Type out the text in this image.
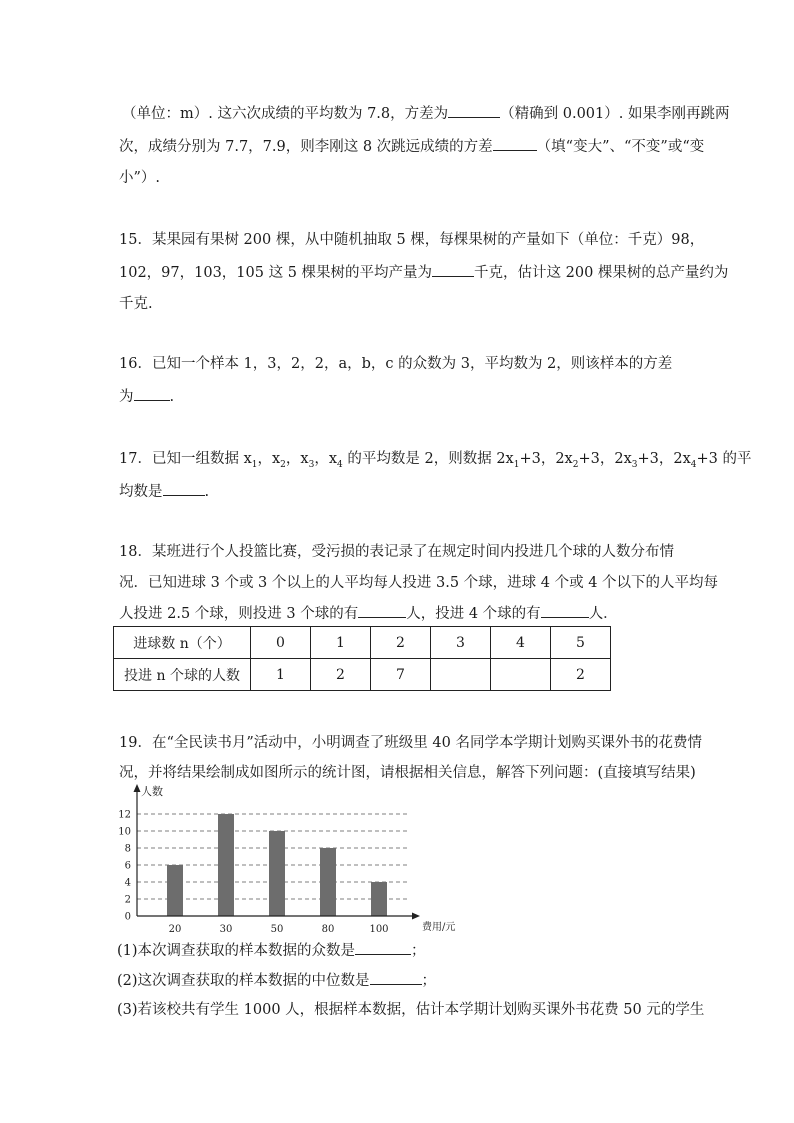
（单位：m）. 这六次成绩的平均数为 7.8，方差为	（精确到 0.001）. 如果李刚再跳两
次，成绩分别为 7.7，7.9，则李刚这 8 次跳远成绩的方差	（填“变大”、“不变”或“变
小”）.
15．某果园有果树 200 棵，从中随机抽取 5 棵，每棵果树的产量如下（单位：千克）98，
102，97，103，105 这 5 棵果树的平均产量为	千克，估计这 200 棵果树的总产量约为
千克.
16．已知一个样本 1，3，2，2，a，b，c 的众数为 3，平均数为 2，则该样本的方差
为 .
17．已知一组数据 $x_1$，$x_2$，$x_3$，$x_4$ 的平均数是 2，则数据 $2x_1+3$，$2x_2+3$，$2x_3+3$，$2x_4+3$ 的平
均数是	.
18．某班进行个人投篮比赛，受污损的表记录了在规定时间内投进几个球的人数分布情
况．已知进球 3 个或 3 个以上的人平均每人投进 3.5 个球，进球 4 个或 4 个以下的人平均每
人投进 2.5 个球，则投进 3 个球的有	人，投进 4 个球的有	人．
进球数 n（个）	0	1	2	3	4	5
投进 n 个球的人数	1	2	7			2
19．在“全民读书月”活动中，小明调查了班级里 40 名同学本学期计划购买课外书的花费情
况，并将结果绘制成如图所示的统计图，请根据相关信息，解答下列问题：(直接填写结果)
0
2
4
6
8
10
12
20	30	50	80	100
人数
费用/元
(1)本次调查获取的样本数据的众数是	；
(2)这次调查获取的样本数据的中位数是	；
(3)若该校共有学生 1000 人，根据样本数据，估计本学期计划购买课外书花费 50 元的学生
